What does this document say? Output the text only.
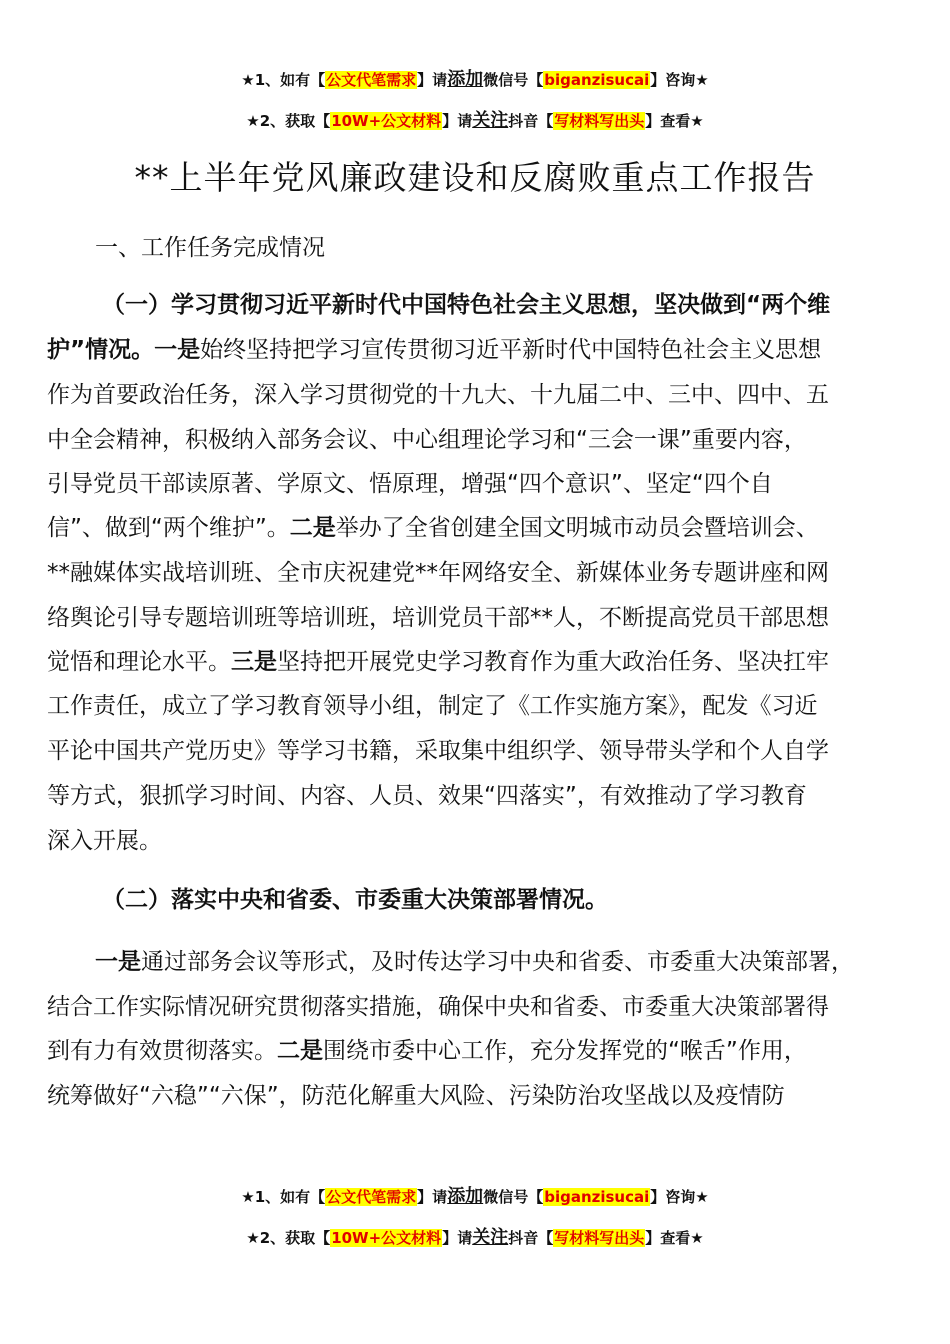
★1、如有【公文代笔需求】请添加微信号【biganzisucai】咨询★
★2、获取【10W+公文材料】请关注抖音【写材料写出头】查看★
**上半年党风廉政建设和反腐败重点工作报告
一、工作任务完成情况
（一）学习贯彻习近平新时代中国特色社会主义思想，坚决做到“两个维
护”情况。一是始终坚持把学习宣传贯彻习近平新时代中国特色社会主义思想
作为首要政治任务，深入学习贯彻党的十九大、十九届二中、三中、四中、五
中全会精神，积极纳入部务会议、中心组理论学习和“三会一课”重要内容，
引导党员干部读原著、学原文、悟原理，增强“四个意识”、坚定“四个自
信”、做到“两个维护”。二是举办了全省创建全国文明城市动员会暨培训会、
**融媒体实战培训班、全市庆祝建党**年网络安全、新媒体业务专题讲座和网
络舆论引导专题培训班等培训班，培训党员干部**人，不断提高党员干部思想
觉悟和理论水平。三是坚持把开展党史学习教育作为重大政治任务、坚决扛牢
工作责任，成立了学习教育领导小组，制定了《工作实施方案》，配发《习近
平论中国共产党历史》等学习书籍，采取集中组织学、领导带头学和个人自学
等方式，狠抓学习时间、内容、人员、效果“四落实”，有效推动了学习教育
深入开展。
（二）落实中央和省委、市委重大决策部署情况。
一是通过部务会议等形式，及时传达学习中央和省委、市委重大决策部署，
结合工作实际情况研究贯彻落实措施，确保中央和省委、市委重大决策部署得
到有力有效贯彻落实。二是围绕市委中心工作，充分发挥党的“喉舌”作用，
统筹做好“六稳”“六保”，防范化解重大风险、污染防治攻坚战以及疫情防
★1、如有【公文代笔需求】请添加微信号【biganzisucai】咨询★
★2、获取【10W+公文材料】请关注抖音【写材料写出头】查看★
